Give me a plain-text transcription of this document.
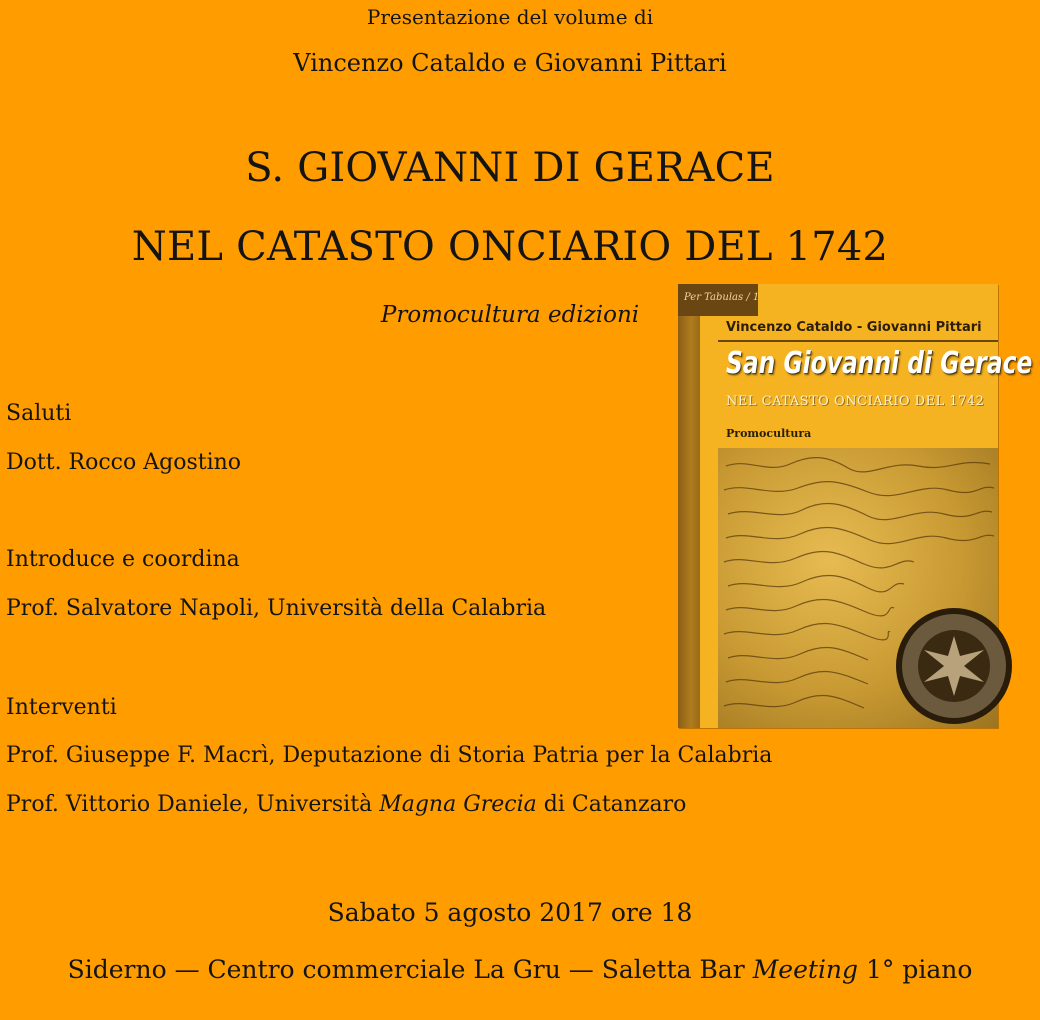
Presentazione del volume di
Vincenzo Cataldo e Giovanni Pittari
S. GIOVANNI DI GERACE
NEL CATASTO ONCIARIO DEL 1742
Promocultura edizioni
Saluti
Dott. Rocco Agostino
Introduce e coordina
Prof. Salvatore Napoli, Università della Calabria
Interventi
Prof. Giuseppe F. Macrì, Deputazione di Storia Patria per la Calabria
Prof. Vittorio Daniele, Università Magna Grecia di Catanzaro
Sabato 5 agosto 2017 ore 18
Siderno — Centro commerciale La Gru — Saletta Bar Meeting 1° piano
Per Tabulas / 1
Vincenzo Cataldo - Giovanni Pittari
San Giovanni di Gerace
NEL CATASTO ONCIARIO DEL 1742
Promocultura
